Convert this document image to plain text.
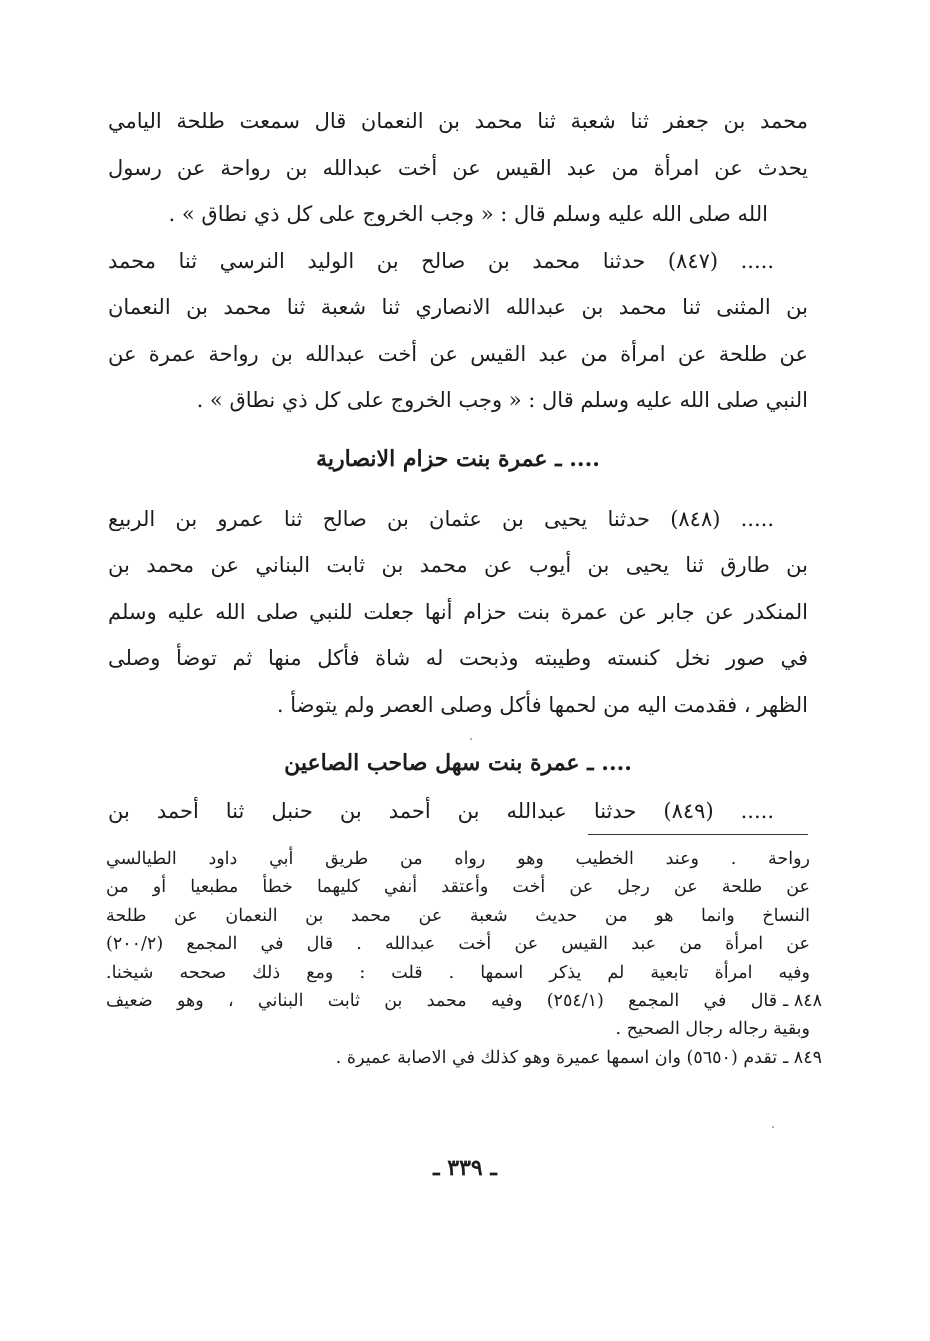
محمد بن جعفر ثنا شعبة ثنا محمد بن النعمان قال سمعت طلحة اليامي
يحدث عن امرأة من عبد القيس عن أخت عبدالله بن رواحة عن رسول
الله صلى الله عليه وسلم قال : « وجب الخروج على كل ذي نطاق » .
..... (٨٤٧) حدثنا محمد بن صالح بن الوليد النرسي ثنا محمد
بن المثنى ثنا محمد بن عبدالله الانصاري ثنا شعبة ثنا محمد بن النعمان
عن طلحة عن امرأة من عبد القيس عن أخت عبدالله بن رواحة عمرة عن
النبي صلى الله عليه وسلم قال : « وجب الخروج على كل ذي نطاق » .
.... ـ عمرة بنت حزام الانصارية
..... (٨٤٨) حدثنا يحيى بن عثمان بن صالح ثنا عمرو بن الربيع
بن طارق ثنا يحيى بن أيوب عن محمد بن ثابت البناني عن محمد بن
المنكدر عن جابر عن عمرة بنت حزام أنها جعلت للنبي صلى الله عليه وسلم
في صور نخل كنسته وطيبته وذبحت له شاة فأكل منها ثم توضأ وصلى
الظهر ، فقدمت اليه من لحمها فأكل وصلى العصر ولم يتوضأ .
.... ـ عمرة بنت سهل صاحب الصاعين
..... (٨٤٩) حدثنا عبدالله بن أحمد بن حنبل ثنا أحمد بن
رواحة . وعند الخطيب وهو رواه من طريق أبي داود الطيالسي
عن طلحة عن رجل عن أخت وأعتقد أنفي كليهما خطأ مطبعيا أو من
النساخ وانما هو من حديث شعبة عن محمد بن النعمان عن طلحة
عن امرأة من عبد القيس عن أخت عبدالله . قال في المجمع (٢٠٠/٢)
وفيه امرأة تابعية لم يذكر اسمها . قلت : ومع ذلك صححه شيخنا.
٨٤٨ ـقال في المجمع (٢٥٤/١) وفيه محمد بن ثابت البناني ، وهو ضعيف
وبقية رجاله رجال الصحيح .
٨٤٩ ـتقدم (٥٦٥٠) وان اسمها عميرة وهو كذلك في الاصابة عميرة .
ـ ٣٣٩ ـ
